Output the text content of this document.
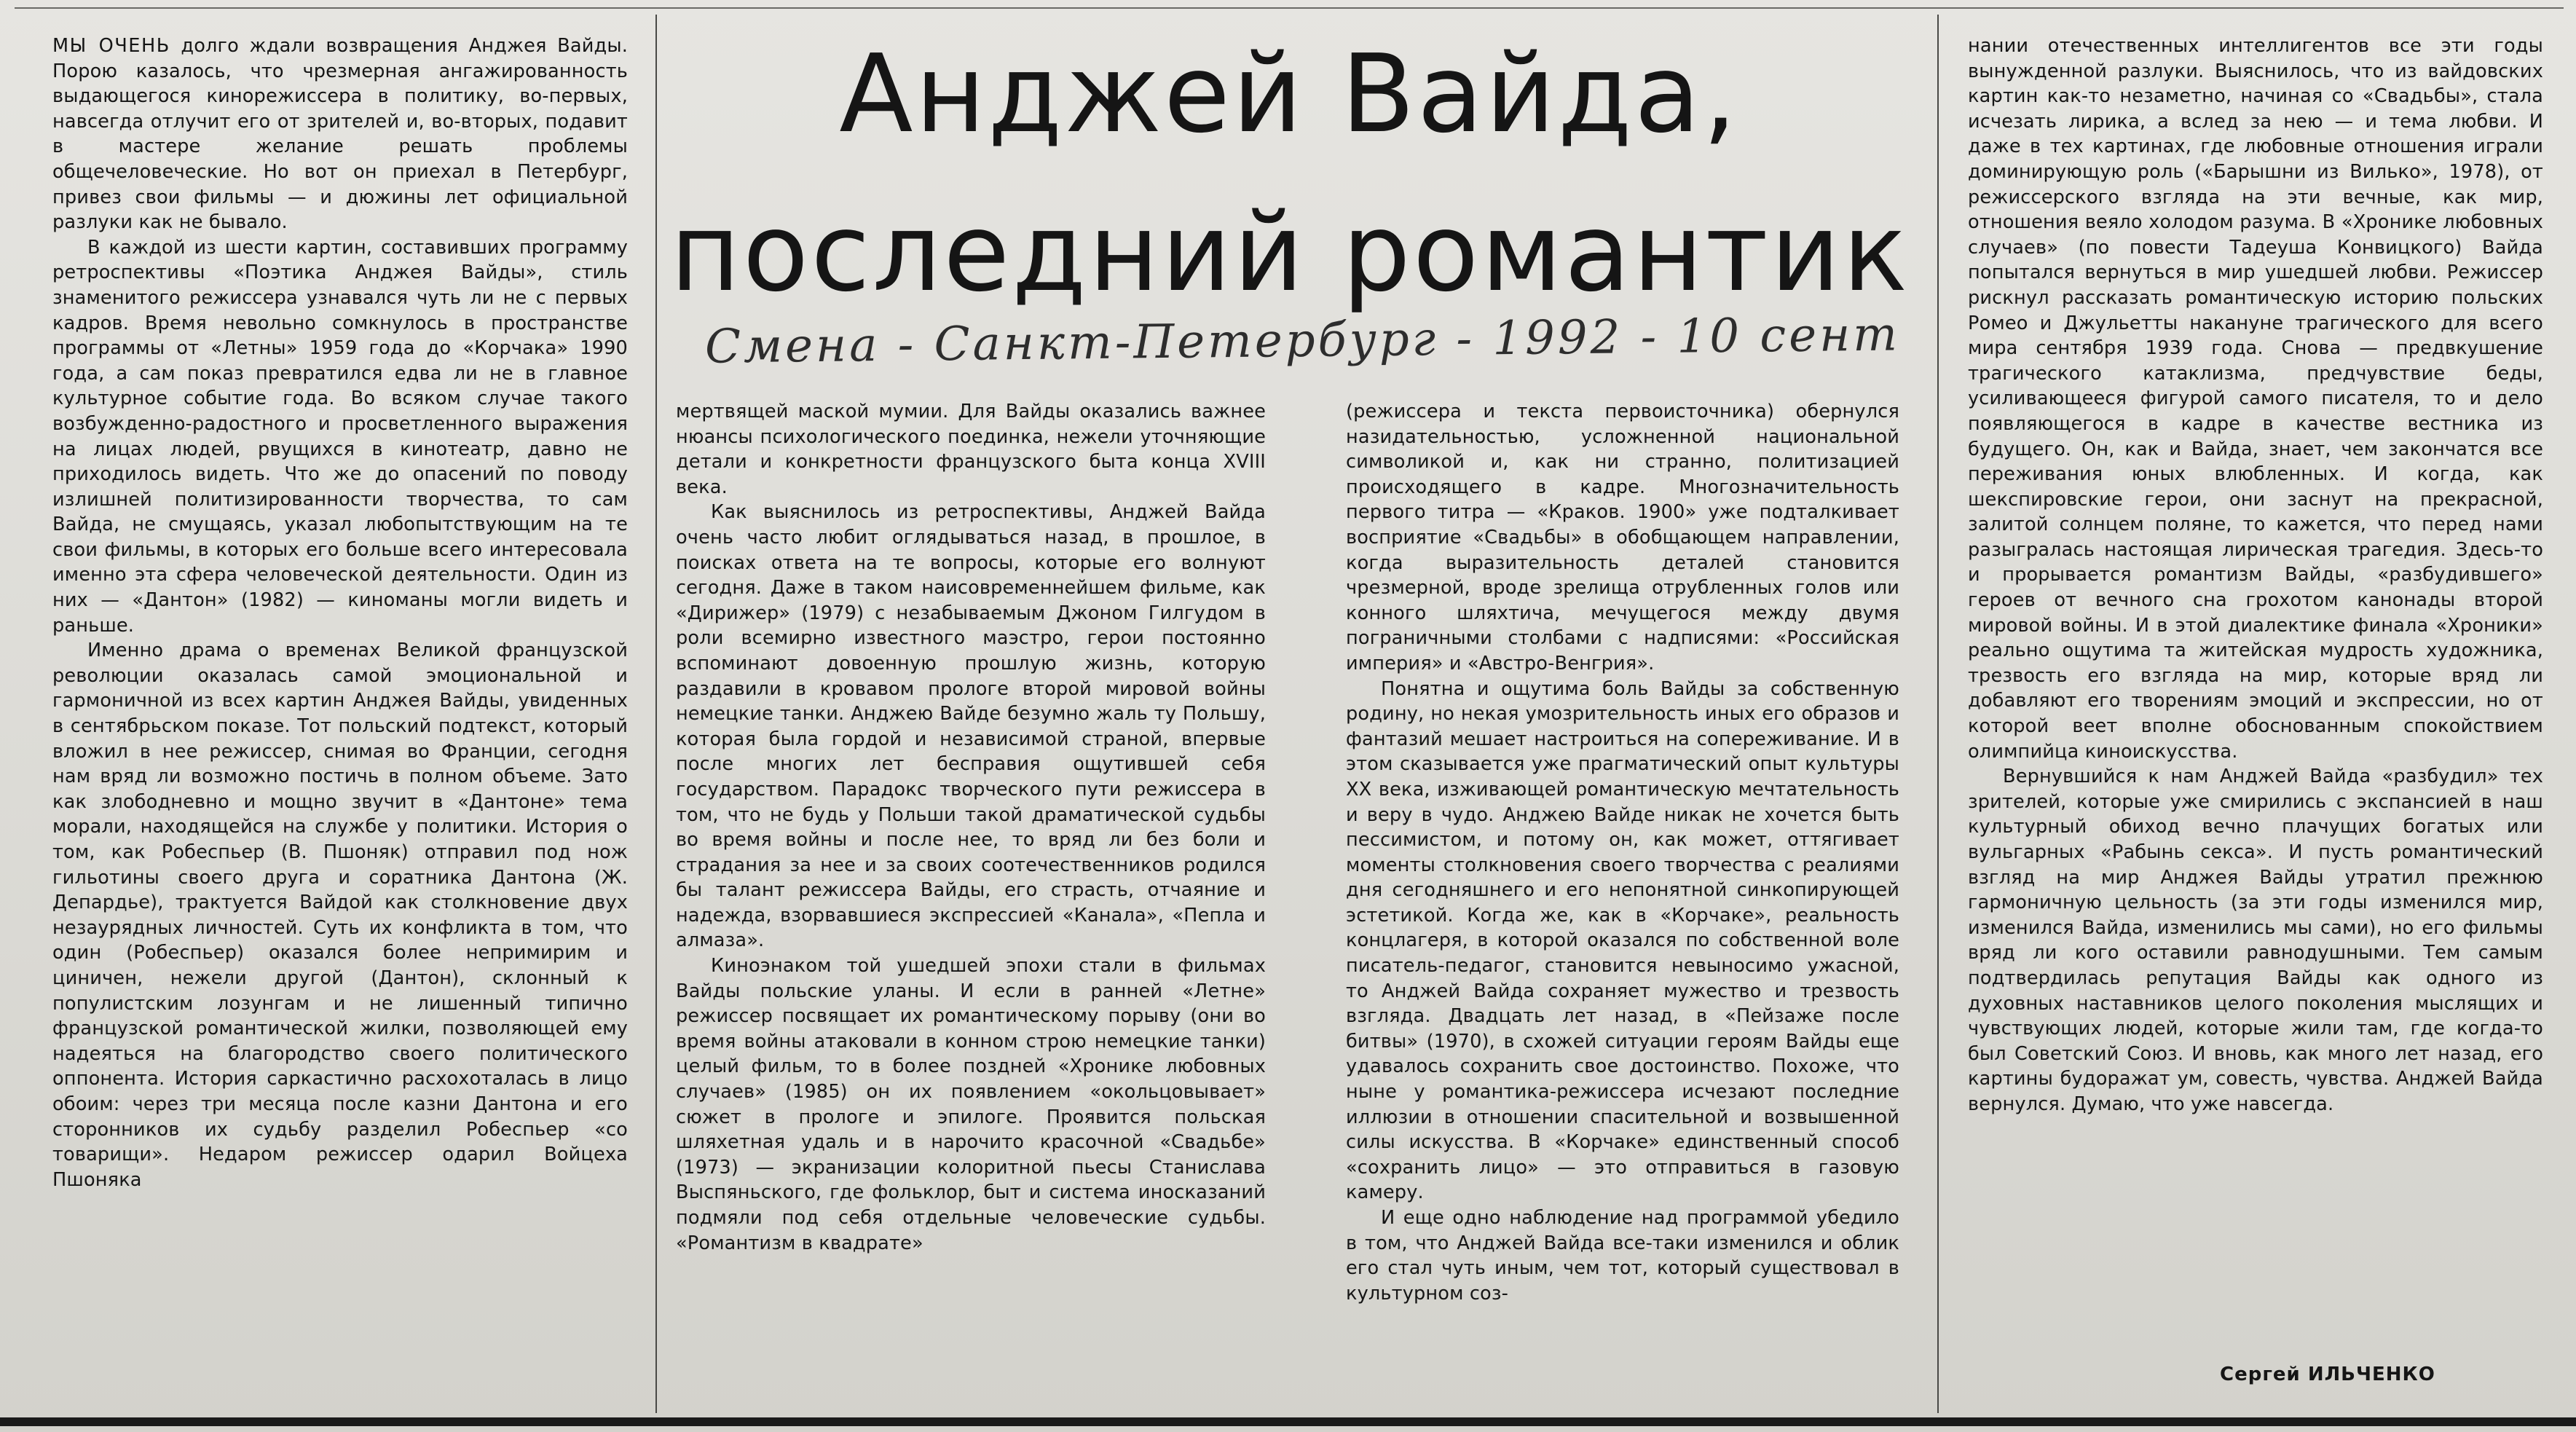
Анджей Вайда,
последний романтик
Смена - Санкт-Петербург - 1992 - 10 сент

МЫ ОЧЕНЬ долго ждали возвращения Анджея Вайды. Порою казалось, что чрезмерная ангажированность выдающегося кинорежиссера в политику, во-первых, навсегда отлучит его от зрителей и, во-вторых, подавит в мастере желание решать проблемы общечеловеческие. Но вот он приехал в Петербург, привез свои фильмы — и дюжины лет официальной разлуки как не бывало.

В каждой из шести картин, составивших программу ретроспективы «Поэтика Анджея Вайды», стиль знаменитого режиссера узнавался чуть ли не с первых кадров. Время невольно сомкнулось в пространстве программы от «Летны» 1959 года до «Корчака» 1990 года, а сам показ превратился едва ли не в главное культурное событие года. Во всяком случае такого возбужденно-радостного и просветленного выражения на лицах людей, рвущихся в кинотеатр, давно не приходилось видеть. Что же до опасений по поводу излишней политизированности творчества, то сам Вайда, не смущаясь, указал любопытствующим на те свои фильмы, в которых его больше всего интересовала именно эта сфера человеческой деятельности. Один из них — «Дантон» (1982) — киноманы могли видеть и раньше.

Именно драма о временах Великой французской революции оказалась самой эмоциональной и гармоничной из всех картин Анджея Вайды, увиденных в сентябрьском показе. Тот польский подтекст, который вложил в нее режиссер, снимая во Франции, сегодня нам вряд ли возможно постичь в полном объеме. Зато как злободневно и мощно звучит в «Дантоне» тема морали, находящейся на службе у политики. История о том, как Робеспьер (В. Пшоняк) отправил под нож гильотины своего друга и соратника Дантона (Ж. Депардье), трактуется Вайдой как столкновение двух незаурядных личностей. Суть их конфликта в том, что один (Робеспьер) оказался более непримирим и циничен, нежели другой (Дантон), склонный к популистским лозунгам и не лишенный типично французской романтической жилки, позволяющей ему надеяться на благородство своего политического оппонента. История саркастично расхохоталась в лицо обоим: через три месяца после казни Дантона и его сторонников их судьбу разделил Робеспьер «со товарищи». Недаром режиссер одарил Войцеха Пшоняка

мертвящей маской мумии. Для Вайды оказались важнее нюансы психологического поединка, нежели уточняющие детали и конкретности французского быта конца XVIII века.

Как выяснилось из ретроспективы, Анджей Вайда очень часто любит оглядываться назад, в прошлое, в поисках ответа на те вопросы, которые его волнуют сегодня. Даже в таком наисовременнейшем фильме, как «Дирижер» (1979) с незабываемым Джоном Гилгудом в роли всемирно известного маэстро, герои постоянно вспоминают довоенную прошлую жизнь, которую раздавили в кровавом прологе второй мировой войны немецкие танки. Анджею Вайде безумно жаль ту Польшу, которая была гордой и независимой страной, впервые после многих лет бесправия ощутившей себя государством. Парадокс творческого пути режиссера в том, что не будь у Польши такой драматической судьбы во время войны и после нее, то вряд ли без боли и страдания за нее и за своих соотечественников родился бы талант режиссера Вайды, его страсть, отчаяние и надежда, взорвавшиеся экспрессией «Канала», «Пепла и алмаза».

Киноэнаком той ушедшей эпохи стали в фильмах Вайды польские уланы. И если в ранней «Летне» режиссер посвящает их романтическому порыву (они во время войны атаковали в конном строю немецкие танки) целый фильм, то в более поздней «Хронике любовных случаев» (1985) он их появлением «окольцовывает» сюжет в прологе и эпилоге. Проявится польская шляхетная удаль и в нарочито красочной «Свадьбе» (1973) — экранизации колоритной пьесы Станислава Выспяньского, где фольклор, быт и система иносказаний подмяли под себя отдельные человеческие судьбы. «Романтизм в квадрате»

(режиссера и текста первоисточника) обернулся назидательностью, усложненной национальной символикой и, как ни странно, политизацией происходящего в кадре. Многозначительность первого титра — «Краков. 1900» уже подталкивает восприятие «Свадьбы» в обобщающем направлении, когда выразительность деталей становится чрезмерной, вроде зрелища отрубленных голов или конного шляхтича, мечущегося между двумя пограничными столбами с надписями: «Российская империя» и «Австро-Венгрия».

Понятна и ощутима боль Вайды за собственную родину, но некая умозрительность иных его образов и фантазий мешает настроиться на сопереживание. И в этом сказывается уже прагматический опыт культуры XX века, изживающей романтическую мечтательность и веру в чудо. Анджею Вайде никак не хочется быть пессимистом, и потому он, как может, оттягивает моменты столкновения своего творчества с реалиями дня сегодняшнего и его непонятной синкопирующей эстетикой. Когда же, как в «Корчаке», реальность концлагеря, в которой оказался по собственной воле писатель-педагог, становится невыносимо ужасной, то Анджей Вайда сохраняет мужество и трезвость взгляда. Двадцать лет назад, в «Пейзаже после битвы» (1970), в схожей ситуации героям Вайды еще удавалось сохранить свое достоинство. Похоже, что ныне у романтика-режиссера исчезают последние иллюзии в отношении спасительной и возвышенной силы искусства. В «Корчаке» единственный способ «сохранить лицо» — это отправиться в газовую камеру.

И еще одно наблюдение над программой убедило в том, что Анджей Вайда все-таки изменился и облик его стал чуть иным, чем тот, который существовал в культурном соз-

нании отечественных интеллигентов все эти годы вынужденной разлуки. Выяснилось, что из вайдовских картин как-то незаметно, начиная со «Свадьбы», стала исчезать лирика, а вслед за нею — и тема любви. И даже в тех картинах, где любовные отношения играли доминирующую роль («Барышни из Вилько», 1978), от режиссерского взгляда на эти вечные, как мир, отношения веяло холодом разума. В «Хронике любовных случаев» (по повести Тадеуша Конвицкого) Вайда попытался вернуться в мир ушедшей любви. Режиссер рискнул рассказать романтическую историю польских Ромео и Джульетты накануне трагического для всего мира сентября 1939 года. Снова — предвкушение трагического катаклизма, предчувствие беды, усиливающееся фигурой самого писателя, то и дело появляющегося в кадре в качестве вестника из будущего. Он, как и Вайда, знает, чем закончатся все переживания юных влюбленных. И когда, как шекспировские герои, они заснут на прекрасной, залитой солнцем поляне, то кажется, что перед нами разыгралась настоящая лирическая трагедия. Здесь-то и прорывается романтизм Вайды, «разбудившего» героев от вечного сна грохотом канонады второй мировой войны. И в этой диалектике финала «Хроники» реально ощутима та житейская мудрость художника, трезвость его взгляда на мир, которые вряд ли добавляют его творениям эмоций и экспрессии, но от которой веет вполне обоснованным спокойствием олимпийца киноискусства.

Вернувшийся к нам Анджей Вайда «разбудил» тех зрителей, которые уже смирились с экспансией в наш культурный обиход вечно плачущих богатых или вульгарных «Рабынь секса». И пусть романтический взгляд на мир Анджея Вайды утратил прежнюю гармоничную цельность (за эти годы изменился мир, изменился Вайда, изменились мы сами), но его фильмы вряд ли кого оставили равнодушными. Тем самым подтвердилась репутация Вайды как одного из духовных наставников целого поколения мыслящих и чувствующих людей, которые жили там, где когда-то был Советский Союз. И вновь, как много лет назад, его картины будоражат ум, совесть, чувства. Анджей Вайда вернулся. Думаю, что уже навсегда.

Сергей ИЛЬЧЕНКО
